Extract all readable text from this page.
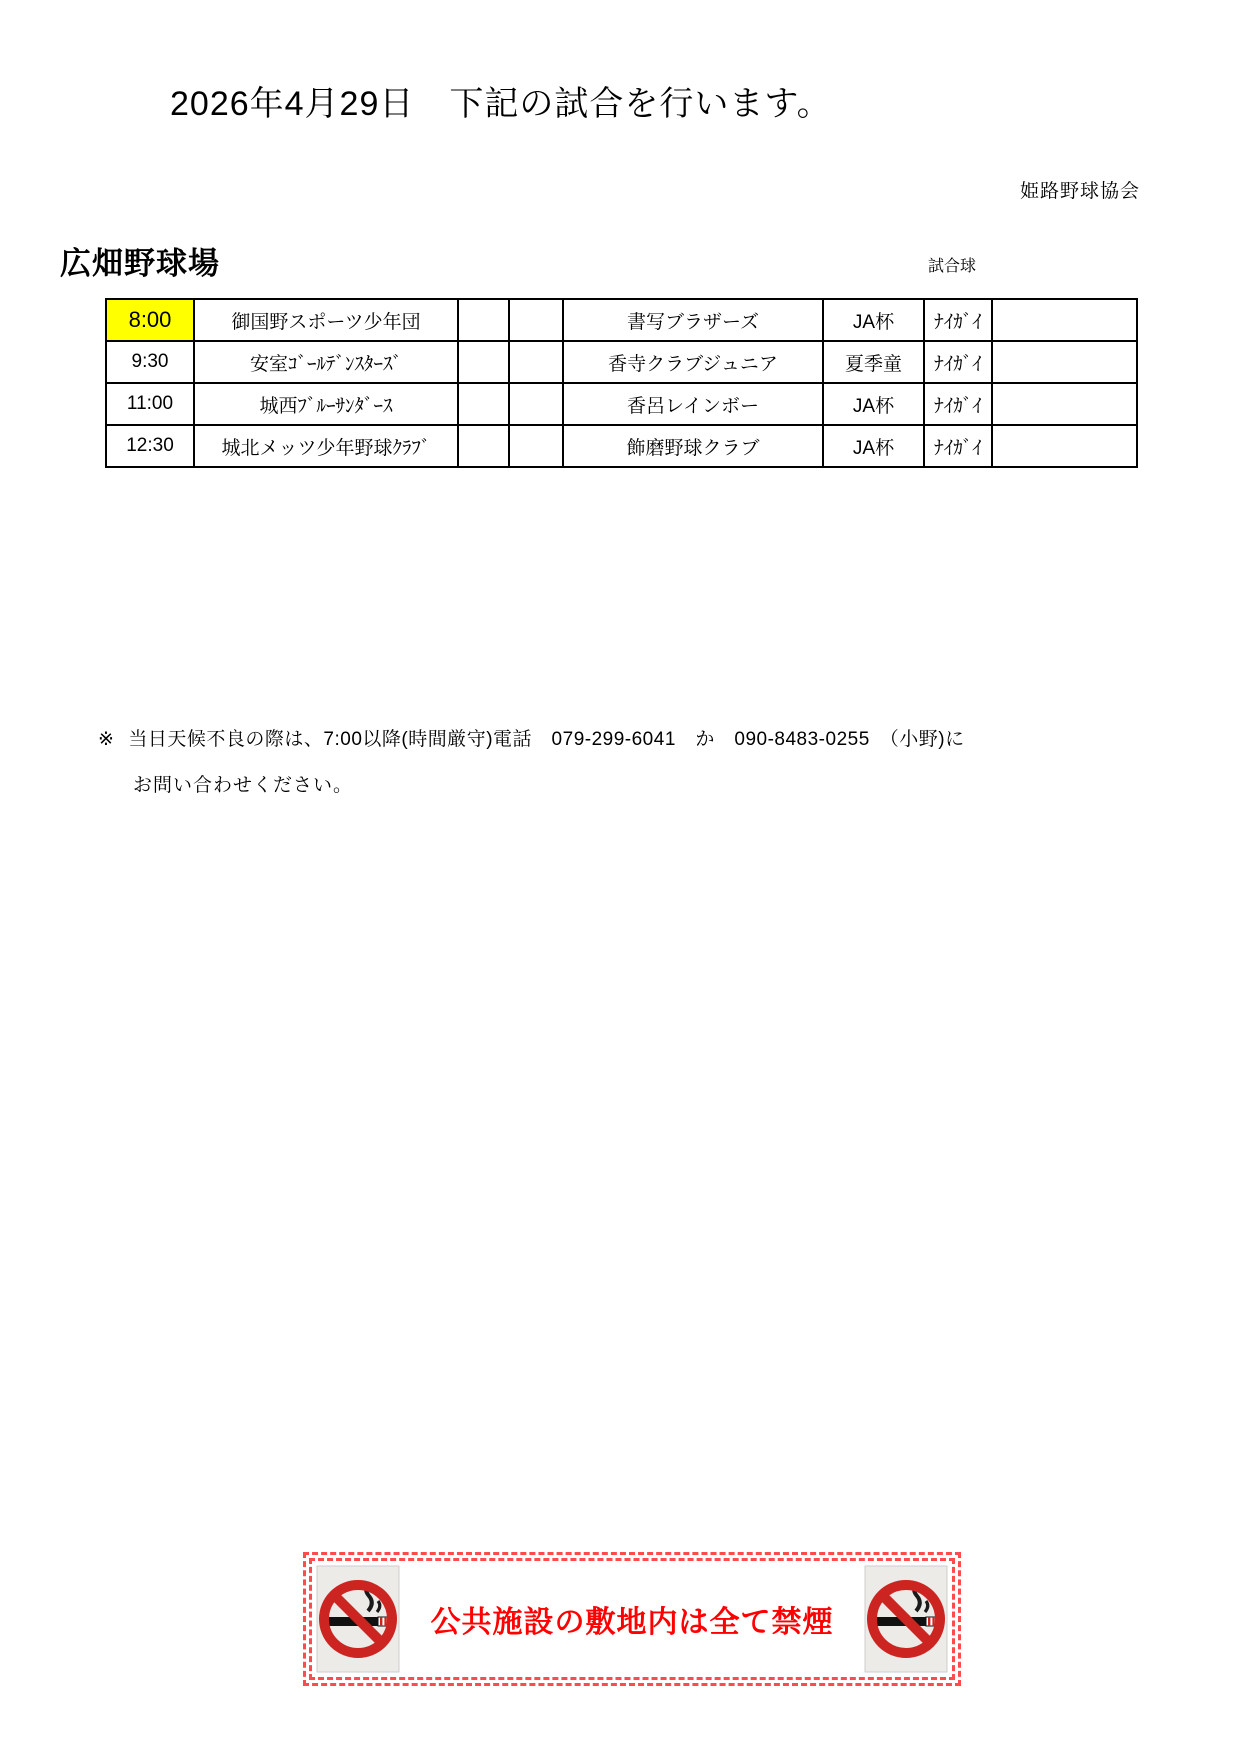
2026年4月29日　下記の試合を行います。
姫路野球協会
広畑野球場	試合球
8:00	御国野スポーツ少年団			書写ブラザーズ	JA杯	ﾅｲｶﾞｲ	
9:30	安室ｺﾞｰﾙﾃﾞﾝｽﾀｰｽﾞ			香寺クラブジュニア	夏季童	ﾅｲｶﾞｲ	
11:00	城西ﾌﾞﾙｰｻﾝﾀﾞｰｽ			香呂レインボー	JA杯	ﾅｲｶﾞｲ	
12:30	城北メッツ少年野球ｸﾗﾌﾞ			飾磨野球クラブ	JA杯	ﾅｲｶﾞｲ	
※ 当日天候不良の際は、7:00以降(時間厳守)電話　079-299-6041　か　090-8483-0255　（小野)に
お問い合わせください。
公共施設の敷地内は全て禁煙
